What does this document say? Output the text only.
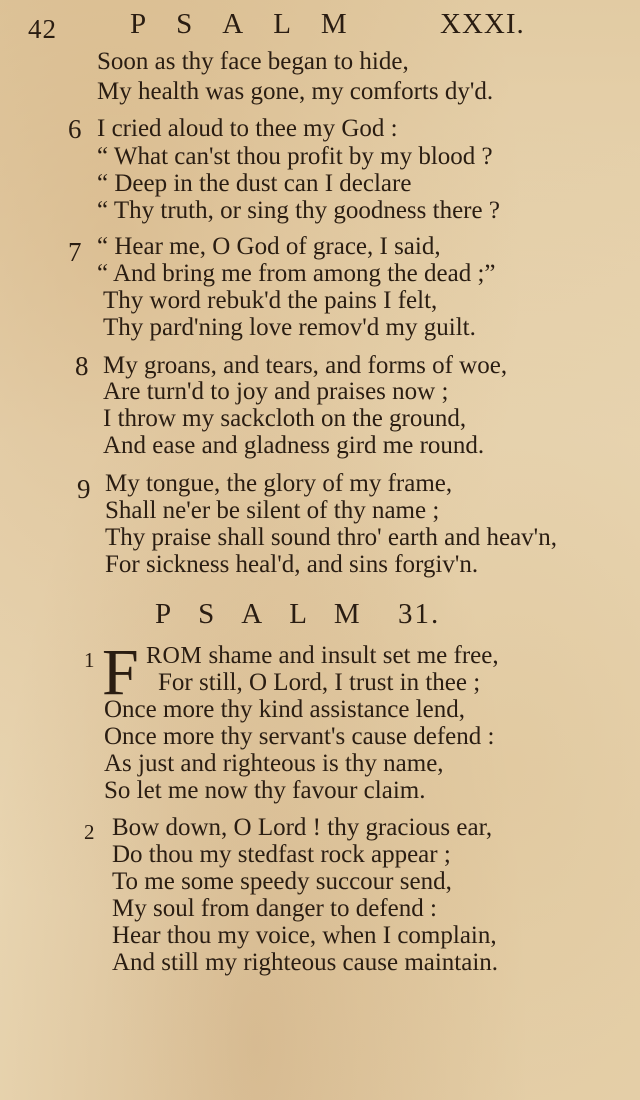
42	PSALM XXXI.
Soon as thy face began to hide,
My health was gone, my comforts dy'd.
6 I cried aloud to thee my God :
“ What can'st thou profit by my blood ?
“ Deep in the dust can I declare
“ Thy truth, or sing thy goodness there ?
7 “ Hear me, O God of grace, I said,
“ And bring me from among the dead ;”
Thy word rebuk'd the pains I felt,
Thy pard'ning love remov'd my guilt.
8 My groans, and tears, and forms of woe,
Are turn'd to joy and praises now ;
I throw my sackcloth on the ground,
And ease and gladness gird me round.
9 My tongue, the glory of my frame,
Shall ne'er be silent of thy name ;
Thy praise shall sound thro' earth and heav'n,
For sickness heal'd, and sins forgiv'n.
PSALM 31.
1 F ROM shame and insult set me free,
For still, O Lord, I trust in thee ;
Once more thy kind assistance lend,
Once more thy servant's cause defend :
As just and righteous is thy name,
So let me now thy favour claim.
2 Bow down, O Lord ! thy gracious ear,
Do thou my stedfast rock appear ;
To me some speedy succour send,
My soul from danger to defend :
Hear thou my voice, when I complain,
And still my righteous cause maintain.
